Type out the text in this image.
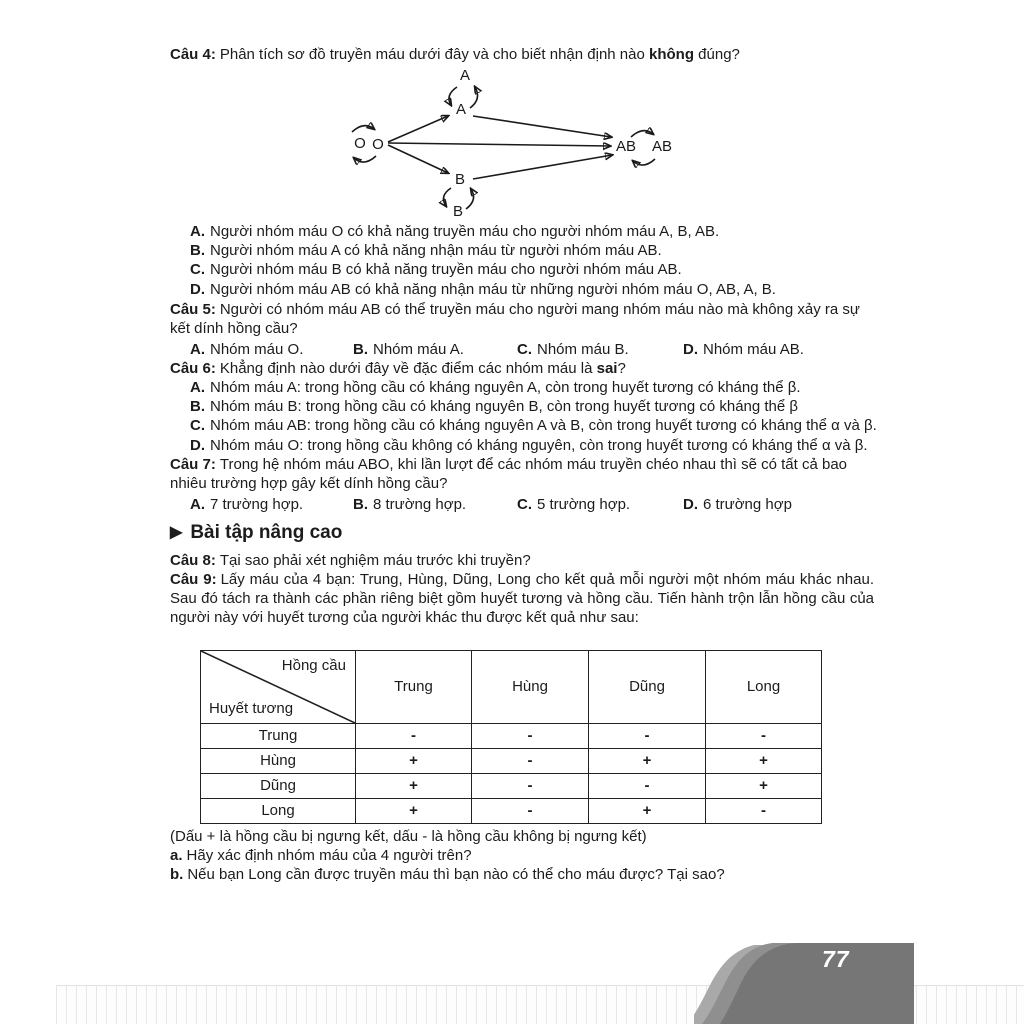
Câu 4: Phân tích sơ đồ truyền máu dưới đây và cho biết nhận định nào không đúng?
O O
A
A
B
B
AB AB
A. Người nhóm máu O có khả năng truyền máu cho người nhóm máu A, B, AB.
B. Người nhóm máu A có khả năng nhận máu từ người nhóm máu AB.
C. Người nhóm máu B có khả năng truyền máu cho người nhóm máu AB.
D. Người nhóm máu AB có khả năng nhận máu từ những người nhóm máu O, AB, A, B.
Câu 5: Người có nhóm máu AB có thể truyền máu cho người mang nhóm máu nào mà không xảy ra sự kết dính hồng cầu?
A. Nhóm máu O.	B. Nhóm máu A.	C. Nhóm máu B.	D. Nhóm máu AB.
Câu 6: Khẳng định nào dưới đây về đặc điểm các nhóm máu là sai?
A. Nhóm máu A: trong hồng cầu có kháng nguyên A, còn trong huyết tương có kháng thể β.
B. Nhóm máu B: trong hồng cầu có kháng nguyên B, còn trong huyết tương có kháng thể β
C. Nhóm máu AB: trong hồng cầu có kháng nguyên A và B, còn trong huyết tương có kháng thể α và β.
D. Nhóm máu O: trong hồng cầu không có kháng nguyên, còn trong huyết tương có kháng thể α và β.
Câu 7: Trong hệ nhóm máu ABO, khi lần lượt để các nhóm máu truyền chéo nhau thì sẽ có tất cả bao nhiêu trường hợp gây kết dính hồng cầu?
A. 7 trường hợp.	B. 8 trường hợp.	C. 5 trường hợp.	D. 6 trường hợp
▶ Bài tập nâng cao
Câu 8: Tại sao phải xét nghiệm máu trước khi truyền?
Câu 9: Lấy máu của 4 bạn: Trung, Hùng, Dũng, Long cho kết quả mỗi người một nhóm máu khác nhau. Sau đó tách ra thành các phần riêng biệt gồm huyết tương và hồng cầu. Tiến hành trộn lẫn hồng cầu của người này với huyết tương của người khác thu được kết quả như sau:
Hồng cầu
Huyết tương	Trung	Hùng	Dũng	Long
Trung	-	-	-	-
Hùng	+	-	+	+
Dũng	+	-	-	+
Long	+	-	+	-
(Dấu + là hồng cầu bị ngưng kết, dấu - là hồng cầu không bị ngưng kết)
a. Hãy xác định nhóm máu của 4 người trên?
b. Nếu bạn Long cần được truyền máu thì bạn nào có thể cho máu được? Tại sao?
77
